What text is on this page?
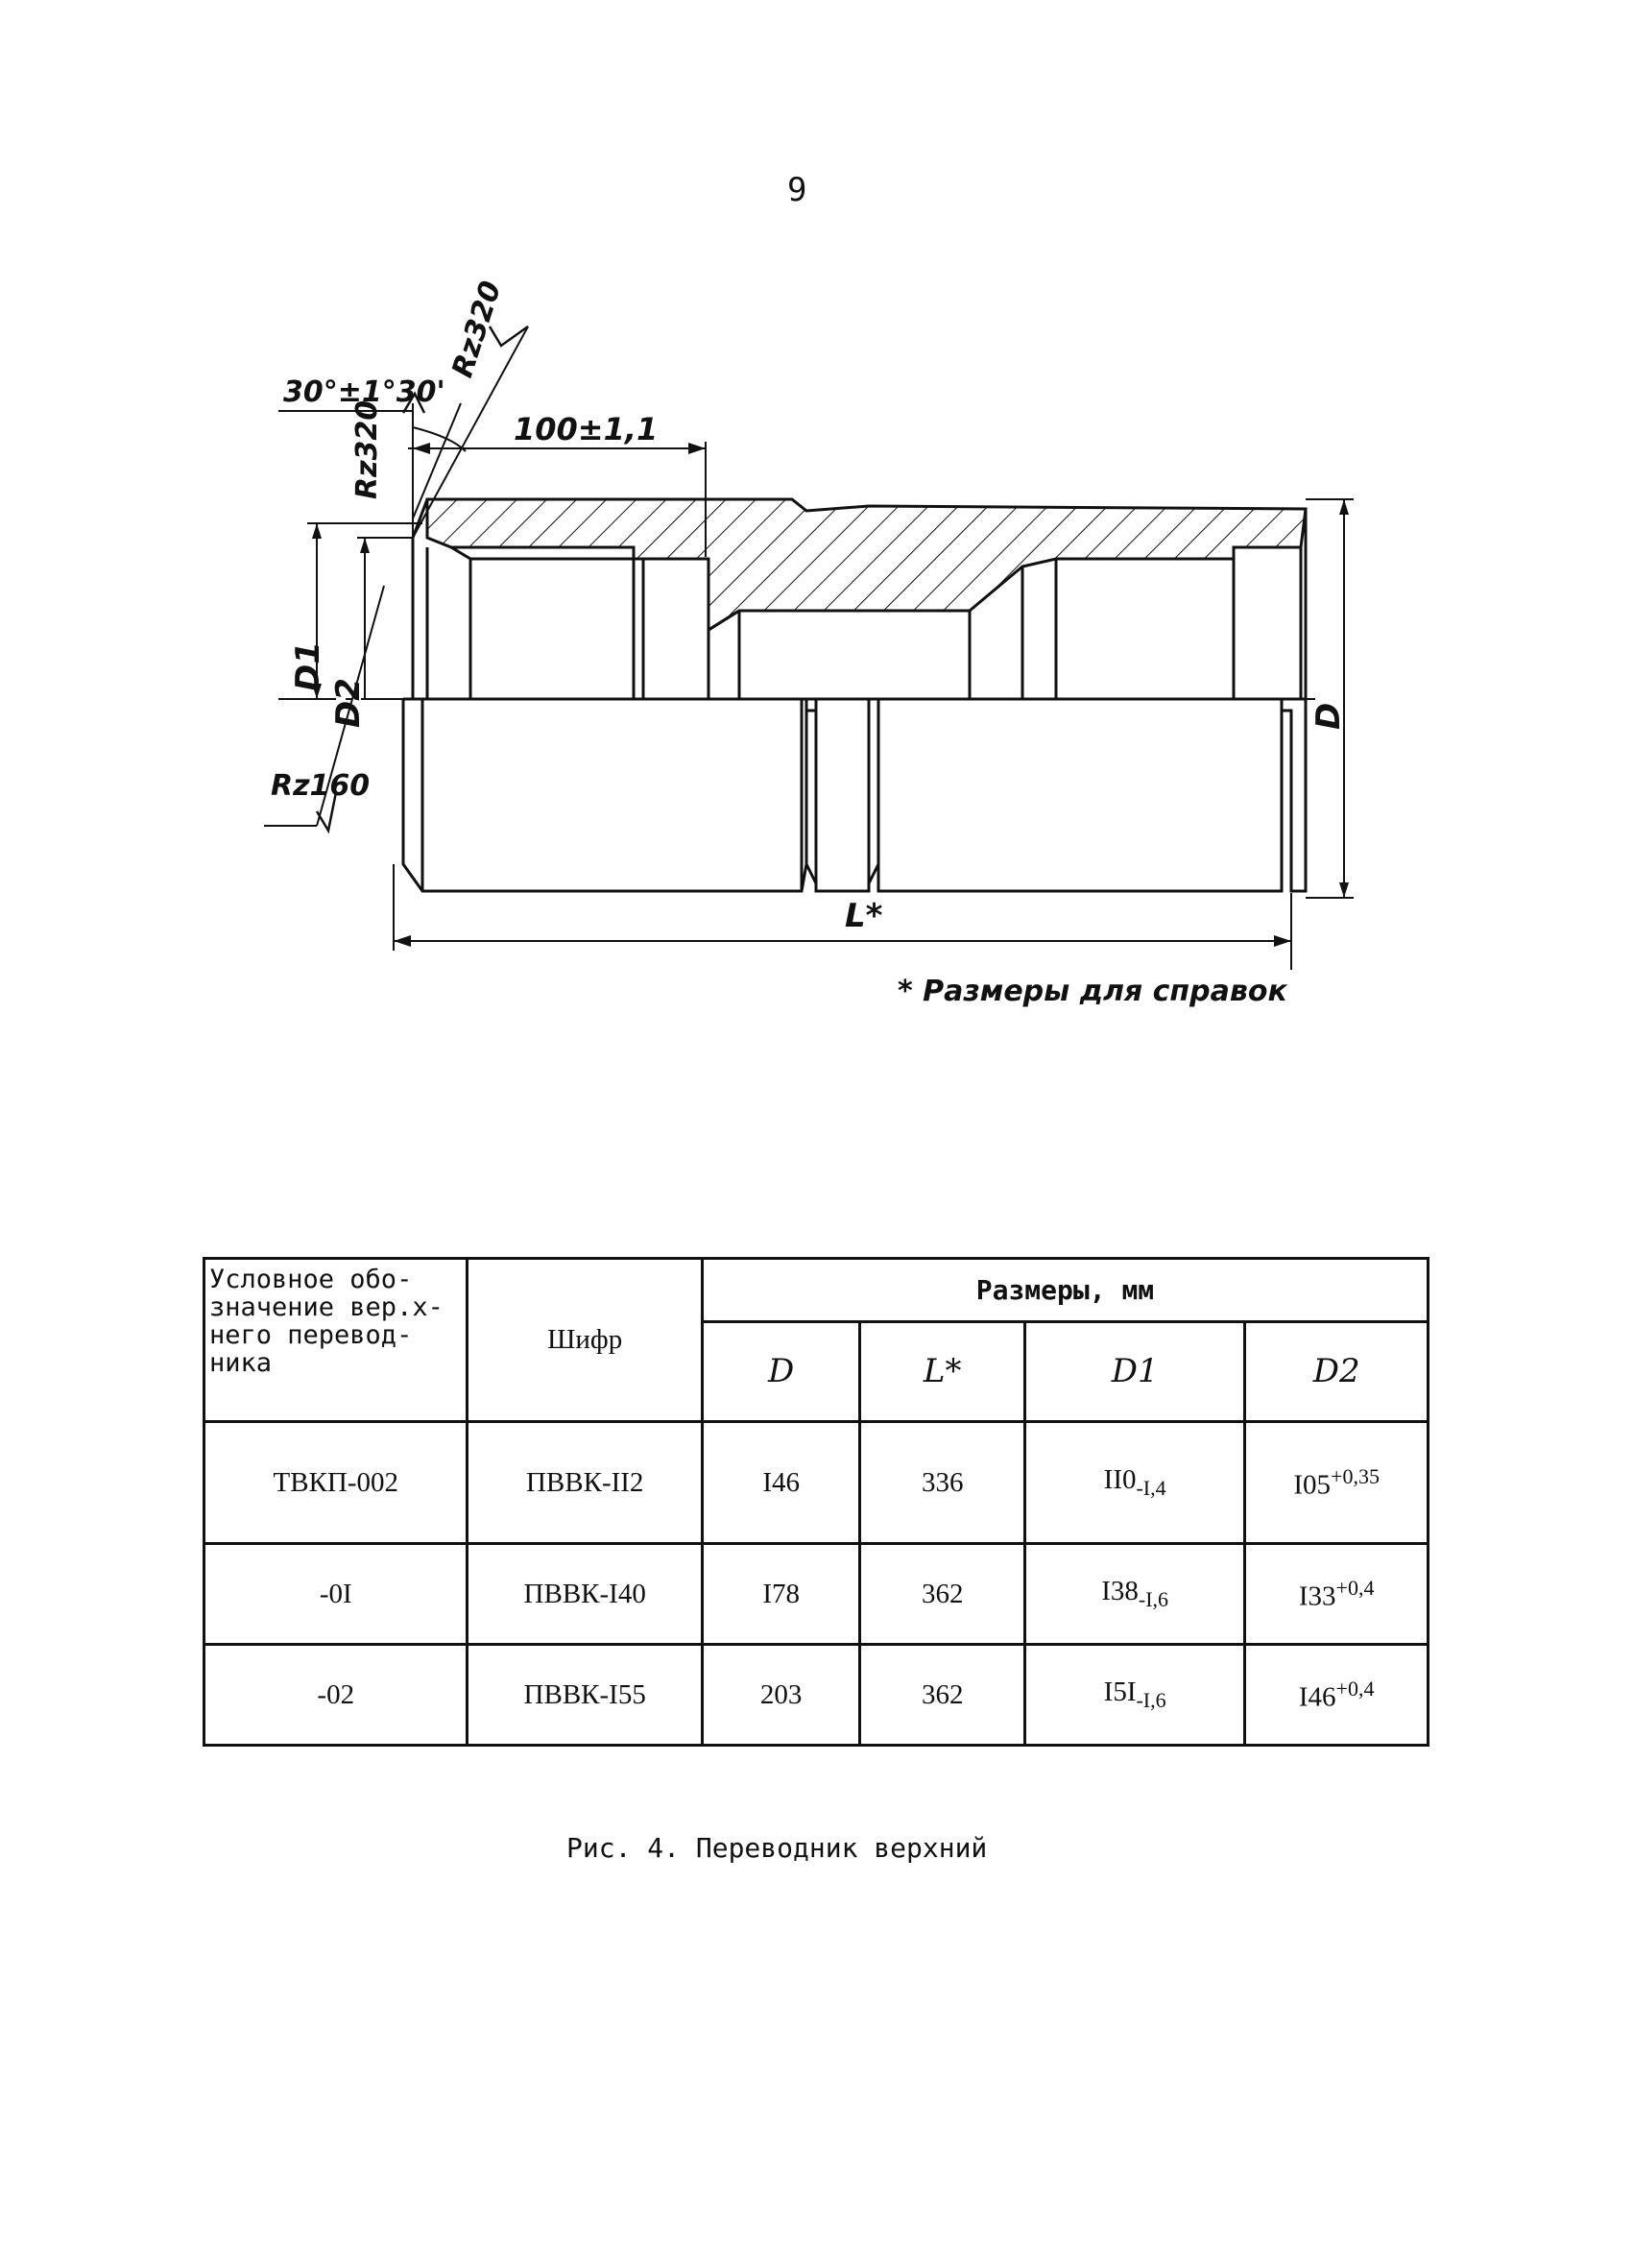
9
30°±1°30'
Rz320
Rz320
Rz160
100±1,1
D1
D2	D
L*
* Размеры для справок
Условное обо-
значение вер.х-
него перевод-
ника	Шифр	Размеры, мм			
		D	L*	D1	D2
ТВКП-002	ПВВК-II2	I46	336	$II0_{-I,4}$	$I05^{+0,35}$
-0I	ПВВК-I40	I78	362	$I38_{-I,6}$	$I33^{+0,4}$
-02	ПВВК-I55	203	362	$I5I_{-I,6}$	$I46^{+0,4}$
Рис. 4. Переводник верхний
